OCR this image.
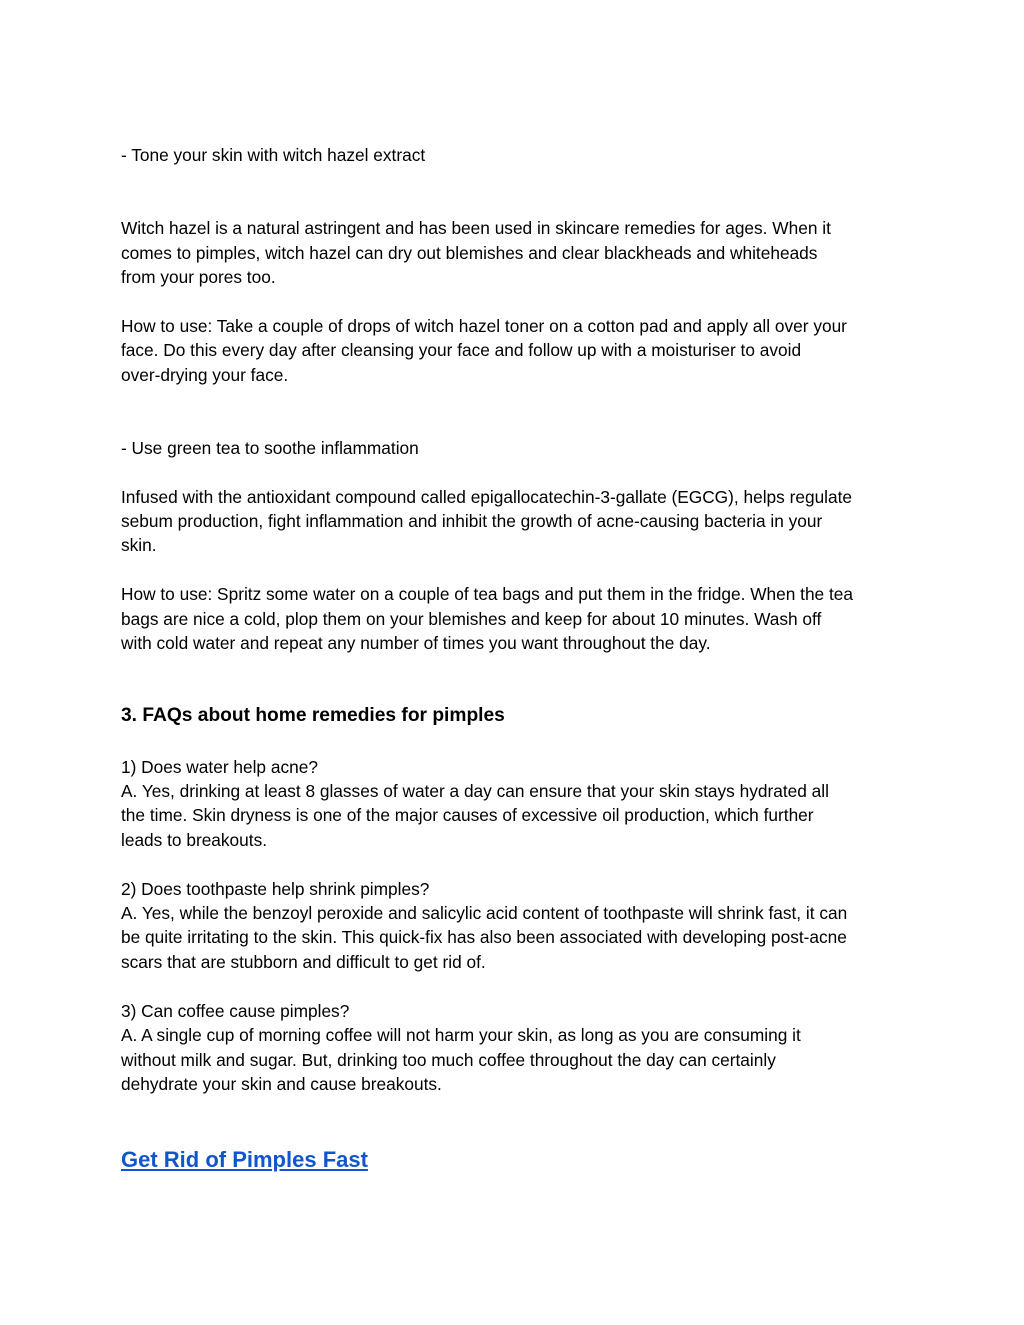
- Tone your skin with witch hazel extract

Witch hazel is a natural astringent and has been used in skincare remedies for ages. When it

comes to pimples, witch hazel can dry out blemishes and clear blackheads and whiteheads

from your pores too.

How to use: Take a couple of drops of witch hazel toner on a cotton pad and apply all over your

face. Do this every day after cleansing your face and follow up with a moisturiser to avoid

over-drying your face.

- Use green tea to soothe inflammation

Infused with the antioxidant compound called epigallocatechin-3-gallate (EGCG), helps regulate

sebum production, fight inflammation and inhibit the growth of acne-causing bacteria in your

skin.

How to use: Spritz some water on a couple of tea bags and put them in the fridge. When the tea

bags are nice a cold, plop them on your blemishes and keep for about 10 minutes. Wash off

with cold water and repeat any number of times you want throughout the day.

3. FAQs about home remedies for pimples

1) Does water help acne?

A. Yes, drinking at least 8 glasses of water a day can ensure that your skin stays hydrated all

the time. Skin dryness is one of the major causes of excessive oil production, which further

leads to breakouts.

2) Does toothpaste help shrink pimples?

A. Yes, while the benzoyl peroxide and salicylic acid content of toothpaste will shrink fast, it can

be quite irritating to the skin. This quick-fix has also been associated with developing post-acne

scars that are stubborn and difficult to get rid of.

3) Can coffee cause pimples?

A. A single cup of morning coffee will not harm your skin, as long as you are consuming it

without milk and sugar. But, drinking too much coffee throughout the day can certainly

dehydrate your skin and cause breakouts.

Get Rid of Pimples Fast
